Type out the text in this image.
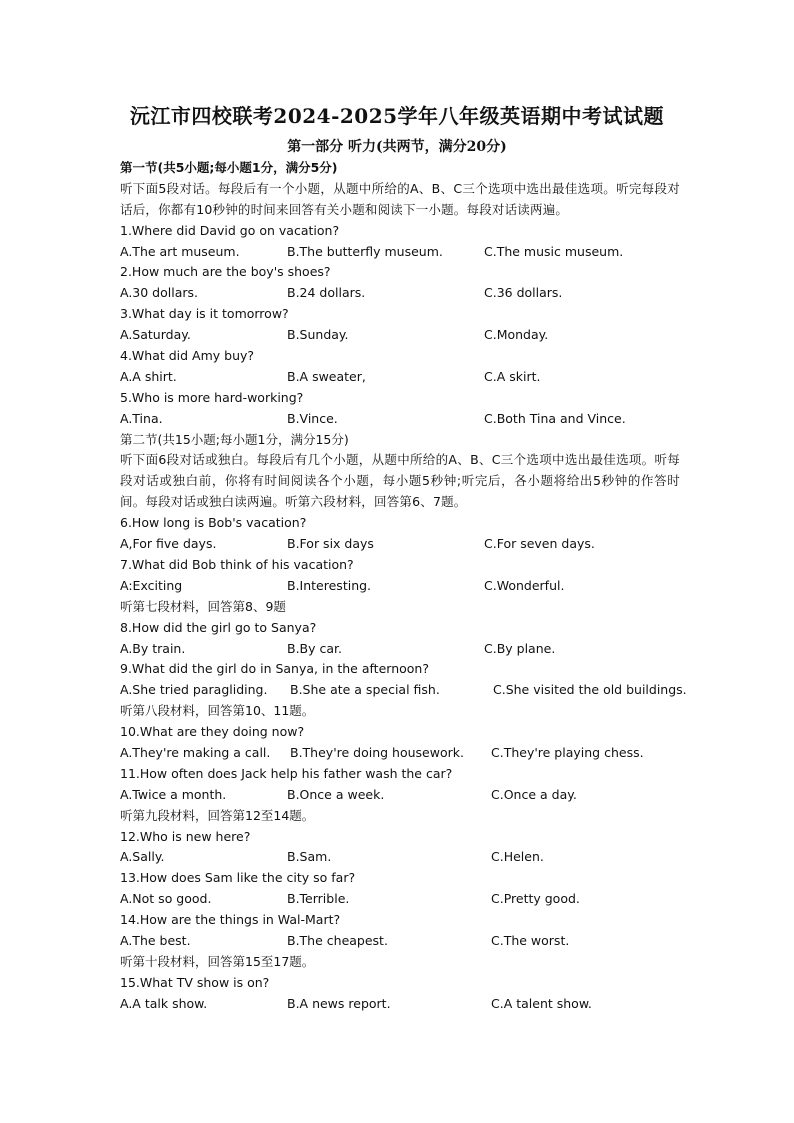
沅江市四校联考2024-2025学年八年级英语期中考试试题
第一部分 听力(共两节，满分20分)
第一节(共5小题;每小题1分，满分5分)
听下面5段对话。每段后有一个小题，从题中所给的A、B、C三个选项中选出最佳选项。听完每段对话后，你都有10秒钟的时间来回答有关小题和阅读下一小题。每段对话读两遍。
1.Where did David go on vacation?
A.The art museum.	B.The butterfly museum.	C.The music museum.
2.How much are the boy's shoes?
A.30 dollars.	B.24 dollars.	C.36 dollars.
3.What day is it tomorrow?
A.Saturday.	B.Sunday.	C.Monday.
4.What did Amy buy?
A.A shirt.	B.A sweater,	C.A skirt.
5.Who is more hard-working?
A.Tina.	B.Vince.	C.Both Tina and Vince.
第二节(共15小题;每小题1分，满分15分)
听下面6段对话或独白。每段后有几个小题，从题中所给的A、B、C三个选项中选出最佳选项。听每段对话或独白前，你将有时间阅读各个小题，每小题5秒钟;听完后，各小题将给出5秒钟的作答时间。每段对话或独白读两遍。听第六段材料，回答第6、7题。
6.How long is Bob's vacation?
A,For five days.	B.For six days	C.For seven days.
7.What did Bob think of his vacation?
A:Exciting	B.Interesting.	C.Wonderful.
听第七段材料，回答第8、9题
8.How did the girl go to Sanya?
A.By train.	B.By car.	C.By plane.
9.What did the girl do in Sanya, in the afternoon?
A.She tried paragliding. B.She ate a special fish.	C.She visited the old buildings.
听第八段材料，回答第10、11题。
10.What are they doing now?
A.They're making a call. B.They're doing housework. C.They're playing chess.
11.How often does Jack help his father wash the car?
A.Twice a month.	B.Once a week.	C.Once a day.
听第九段材料，回答第12至14题。
12.Who is new here?
A.Sally.	B.Sam.	C.Helen.
13.How does Sam like the city so far?
A.Not so good.	B.Terrible.	C.Pretty good.
14.How are the things in Wal-Mart?
A.The best.	B.The cheapest.	C.The worst.
听第十段材料，回答第15至17题。
15.What TV show is on?
A.A talk show.	B.A news report.	C.A talent show.
